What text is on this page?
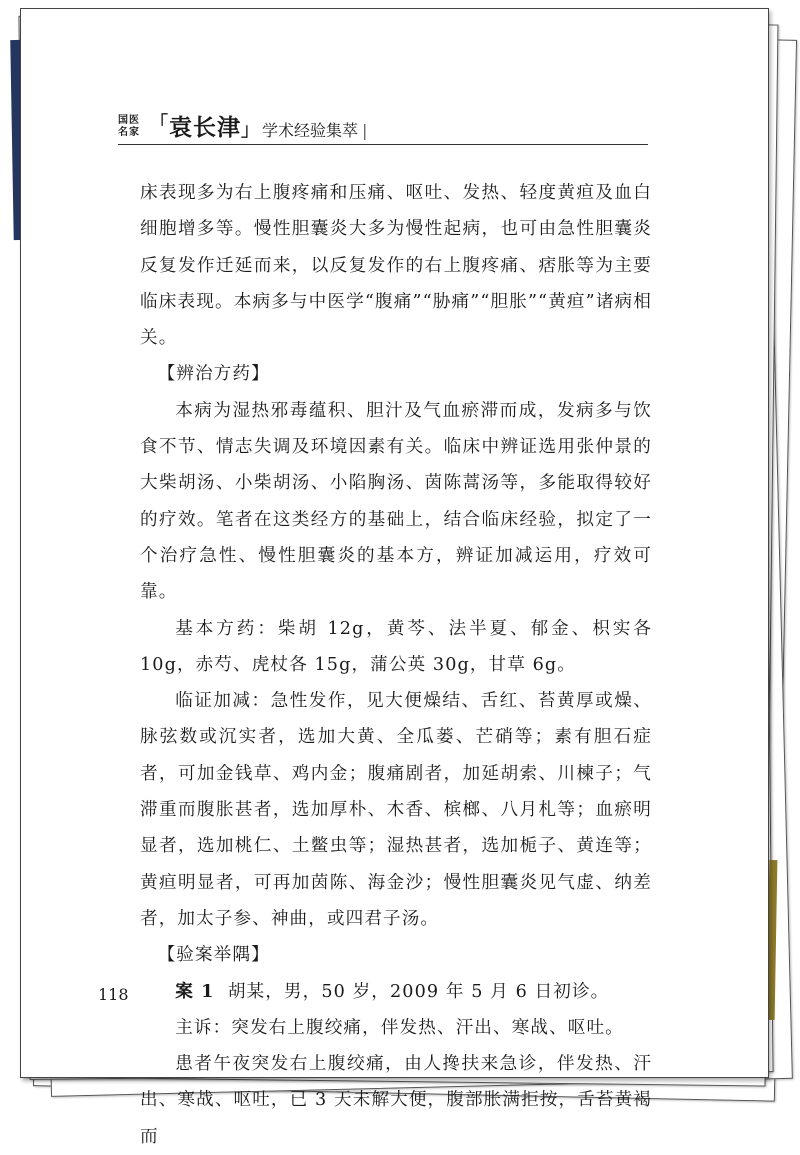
国医
名家
「	袁长津 」	学术经验集萃 |

床表现多为右上腹疼痛和压痛、呕吐、发热、轻度黄疸及血白细胞增多等。慢性胆囊炎大多为慢性起病，也可由急性胆囊炎反复发作迁延而来，以反复发作的右上腹疼痛、痞胀等为主要临床表现。本病多与中医学“腹痛”“胁痛”“胆胀”“黄疸”诸病相关。

【 辨治方药 】

本病为湿热邪毒蕴积、胆汁及气血瘀滞而成，发病多与饮食不节、情志失调及环境因素有关。临床中辨证选用张仲景的大柴胡汤、小柴胡汤、小陷胸汤、茵陈蒿汤等，多能取得较好的疗效。笔者在这类经方的基础上，结合临床经验，拟定了一个治疗急性、慢性胆囊炎的基本方，辨证加减运用，疗效可靠。

基本方药：柴胡 12g，黄芩、法半夏、郁金、枳实各 10g，赤芍、虎杖各 15g，蒲公英 30g，甘草 6g。

临证加减：急性发作，见大便燥结、舌红、苔黄厚或燥、脉弦数或沉实者，选加大黄、全瓜蒌、芒硝等；素有胆石症者，可加金钱草、鸡内金；腹痛剧者，加延胡索、川楝子；气滞重而腹胀甚者，选加厚朴、木香、槟榔、八月札等；血瘀明显者，选加桃仁、土鳖虫等；湿热甚者，选加栀子、黄连等；黄疸明显者，可再加茵陈、海金沙；慢性胆囊炎见气虚、纳差者，加太子参、神曲，或四君子汤。

【 验案举隅 】

案 1 胡某，男，50 岁，2009 年 5 月 6 日初诊。

主诉：突发右上腹绞痛，伴发热、汗出、寒战、呕吐。

患者午夜突发右上腹绞痛，由人搀扶来急诊，伴发热、汗出、寒战、呕吐，已 3 天未解大便，腹部胀满拒按，舌苔黄褐而

118
